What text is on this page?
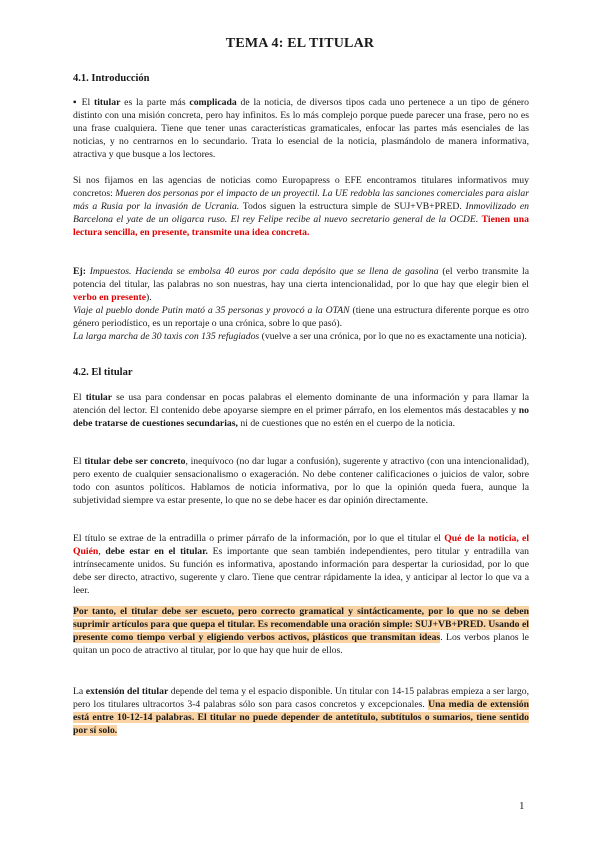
TEMA 4: EL TITULAR
4.1. Introducción

▪ El titular es la parte más complicada de la noticia, de diversos tipos cada uno pertenece a un tipo de género distinto con una misión concreta, pero hay infinitos. Es lo más complejo porque puede parecer una frase, pero no es una frase cualquiera. Tiene que tener unas características gramaticales, enfocar las partes más esenciales de las noticias, y no centrarnos en lo secundario. Trata lo esencial de la noticia, plasmándolo de manera informativa, atractiva y que busque a los lectores.

Si nos fijamos en las agencias de noticias como Europapress o EFE encontramos titulares informativos muy concretos: Mueren dos personas por el impacto de un proyectil. La UE redobla las sanciones comerciales para aislar más a Rusia por la invasión de Ucrania. Todos siguen la estructura simple de SUJ+VB+PRED. Inmovilizado en Barcelona el yate de un oligarca ruso. El rey Felipe recibe al nuevo secretario general de la OCDE. Tienen una lectura sencilla, en presente, transmite una idea concreta.

Ej: Impuestos. Hacienda se embolsa 40 euros por cada depósito que se llena de gasolina (el verbo transmite la potencia del titular, las palabras no son nuestras, hay una cierta intencionalidad, por lo que hay que elegir bien el verbo en presente).
Viaje al pueblo donde Putin mató a 35 personas y provocó a la OTAN (tiene una estructura diferente porque es otro género periodístico, es un reportaje o una crónica, sobre lo que pasó).
La larga marcha de 30 taxis con 135 refugiados (vuelve a ser una crónica, por lo que no es exactamente una noticia).

4.2. El titular

El titular se usa para condensar en pocas palabras el elemento dominante de una información y para llamar la atención del lector. El contenido debe apoyarse siempre en el primer párrafo, en los elementos más destacables y no debe tratarse de cuestiones secundarias, ni de cuestiones que no estén en el cuerpo de la noticia.

El titular debe ser concreto, inequívoco (no dar lugar a confusión), sugerente y atractivo (con una intencionalidad), pero exento de cualquier sensacionalismo o exageración. No debe contener calificaciones o juicios de valor, sobre todo con asuntos políticos. Hablamos de noticia informativa, por lo que la opinión queda fuera, aunque la subjetividad siempre va estar presente, lo que no se debe hacer es dar opinión directamente.

El título se extrae de la entradilla o primer párrafo de la información, por lo que el titular el Qué de la noticia, el Quién, debe estar en el titular. Es importante que sean también independientes, pero titular y entradilla van intrínsecamente unidos. Su función es informativa, apostando información para despertar la curiosidad, por lo que debe ser directo, atractivo, sugerente y claro. Tiene que centrar rápidamente la idea, y anticipar al lector lo que va a leer.

Por tanto, el titular debe ser escueto, pero correcto gramatical y sintácticamente, por lo que no se deben suprimir artículos para que quepa el titular. Es recomendable una oración simple: SUJ+VB+PRED. Usando el presente como tiempo verbal y eligiendo verbos activos, plásticos que transmitan ideas. Los verbos planos le quitan un poco de atractivo al titular, por lo que hay que huir de ellos.

La extensión del titular depende del tema y el espacio disponible. Un titular con 14-15 palabras empieza a ser largo, pero los titulares ultracortos 3-4 palabras sólo son para casos concretos y excepcionales. Una media de extensión está entre 10-12-14 palabras. El titular no puede depender de antetítulo, subtítulos o sumarios, tiene sentido por sí solo.

1
